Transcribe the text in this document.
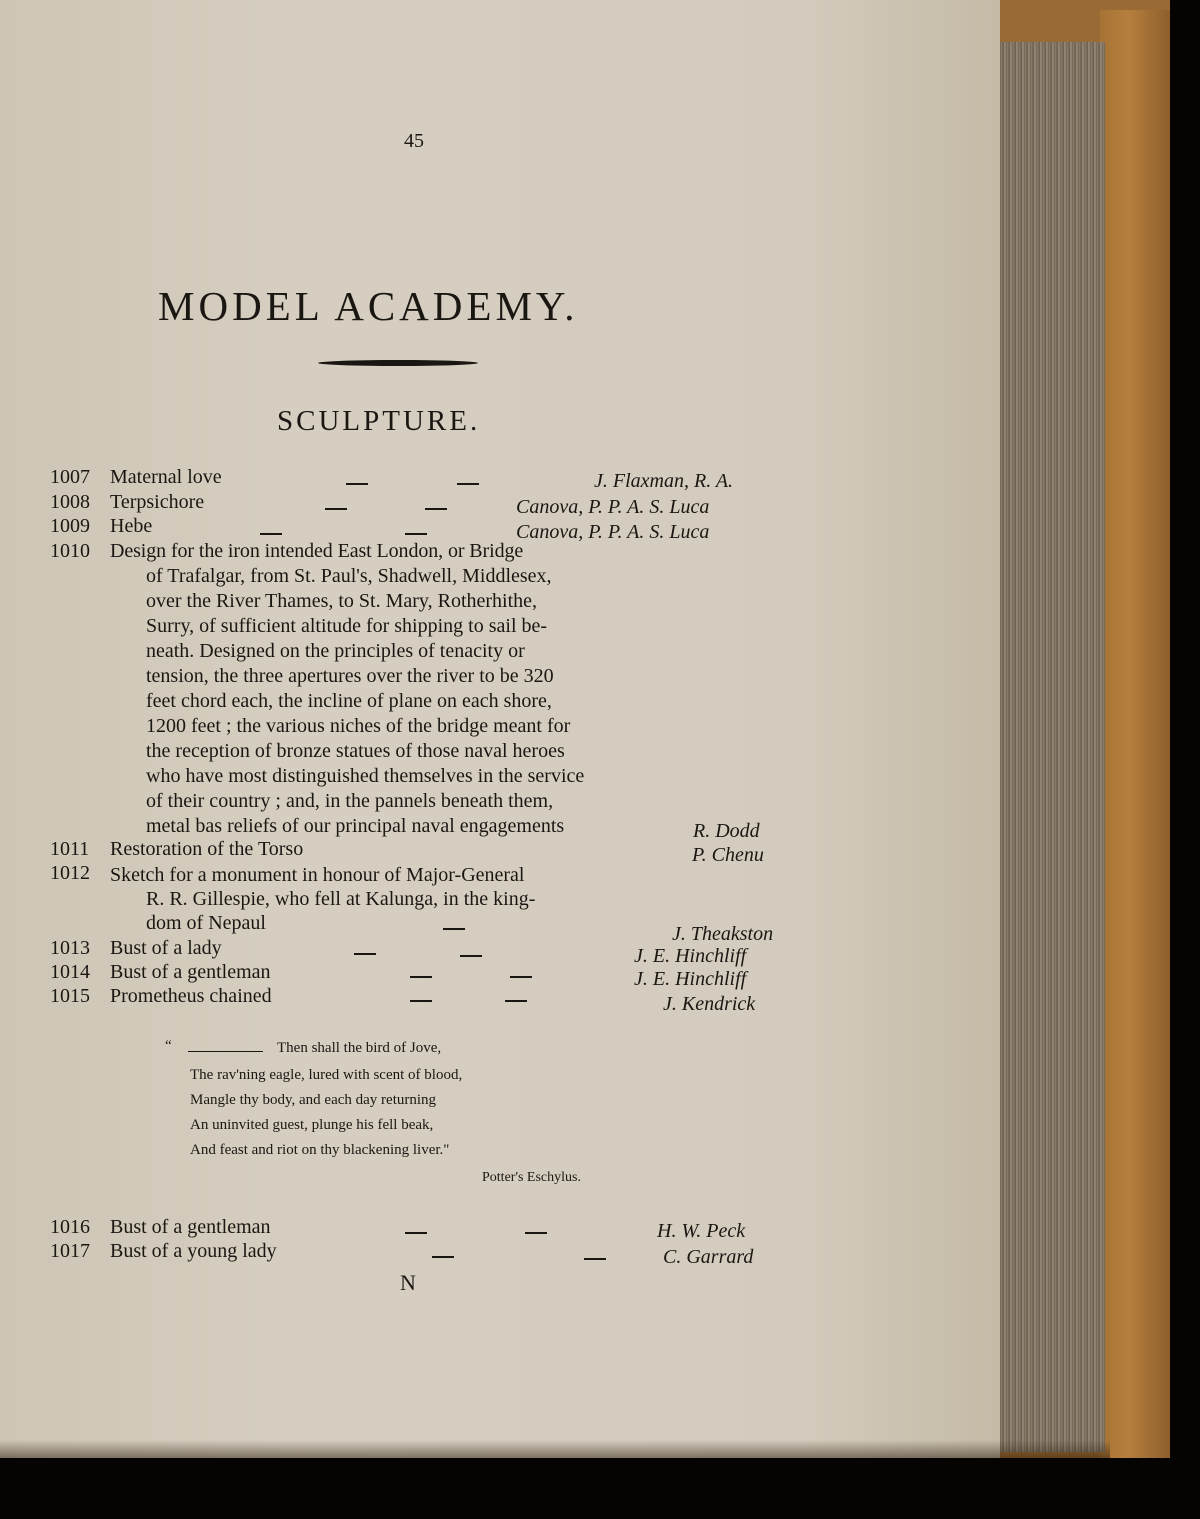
45
MODEL ACADEMY.
SCULPTURE.
1007 Maternal love	J. Flaxman, R. A.
1008 Terpsichore	Canova, P. P. A. S. Luca
1009 Hebe	Canova, P. P. A. S. Luca
1010 Design for the iron intended East London, or Bridge
of Trafalgar, from St. Paul's, Shadwell, Middlesex,
over the River Thames, to St. Mary, Rotherhithe,
Surry, of sufficient altitude for shipping to sail be-
neath. Designed on the principles of tenacity or
tension, the three apertures over the river to be 320
feet chord each, the incline of plane on each shore,
1200 feet ; the various niches of the bridge meant for
the reception of bronze statues of those naval heroes
who have most distinguished themselves in the service
of their country ; and, in the pannels beneath them,
metal bas reliefs of our principal naval engagements	R. Dodd
1011 Restoration of the Torso	P. Chenu
1012 Sketch for a monument in honour of Major-General
R. R. Gillespie, who fell at Kalunga, in the king-
dom of Nepaul	J. Theakston
1013 Bust of a lady	J. E. Hinchliff
1014 Bust of a gentleman	J. E. Hinchliff
1015 Prometheus chained	J. Kendrick
“	Then shall the bird of Jove,
The rav'ning eagle, lured with scent of blood,
Mangle thy body, and each day returning
An uninvited guest, plunge his fell beak,
And feast and riot on thy blackening liver."
Potter's Eschylus.
1016 Bust of a gentleman	H. W. Peck
1017 Bust of a young lady	C. Garrard
N
